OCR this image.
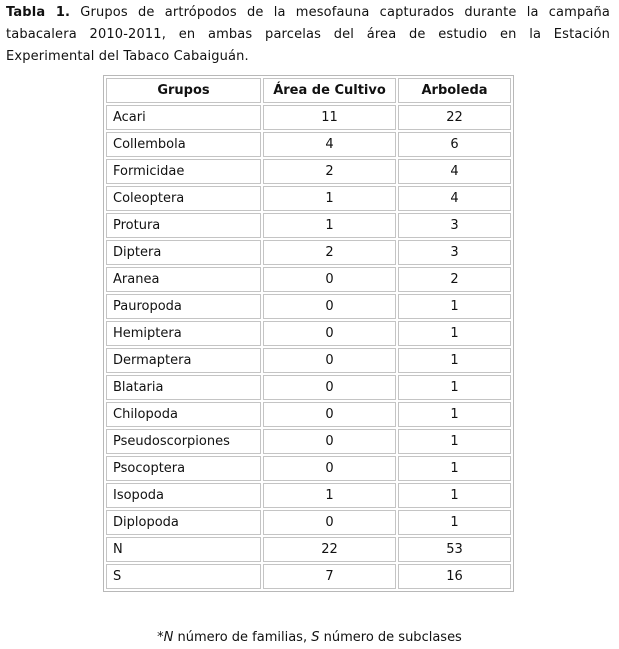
Tabla 1. Grupos de artrópodos de la mesofauna capturados durante la campaña tabacalera 2010-2011, en ambas parcelas del área de estudio en la Estación Experimental del Tabaco Cabaiguán.
Grupos	Área de Cultivo	Arboleda
Acari	11	22
Collembola	4	6
Formicidae	2	4
Coleoptera	1	4
Protura	1	3
Diptera	2	3
Aranea	0	2
Pauropoda	0	1
Hemiptera	0	1
Dermaptera	0	1
Blataria	0	1
Chilopoda	0	1
Pseudoscorpiones	0	1
Psocoptera	0	1
Isopoda	1	1
Diplopoda	0	1
N	22	53
S	7	16
*N número de familias, S número de subclases
